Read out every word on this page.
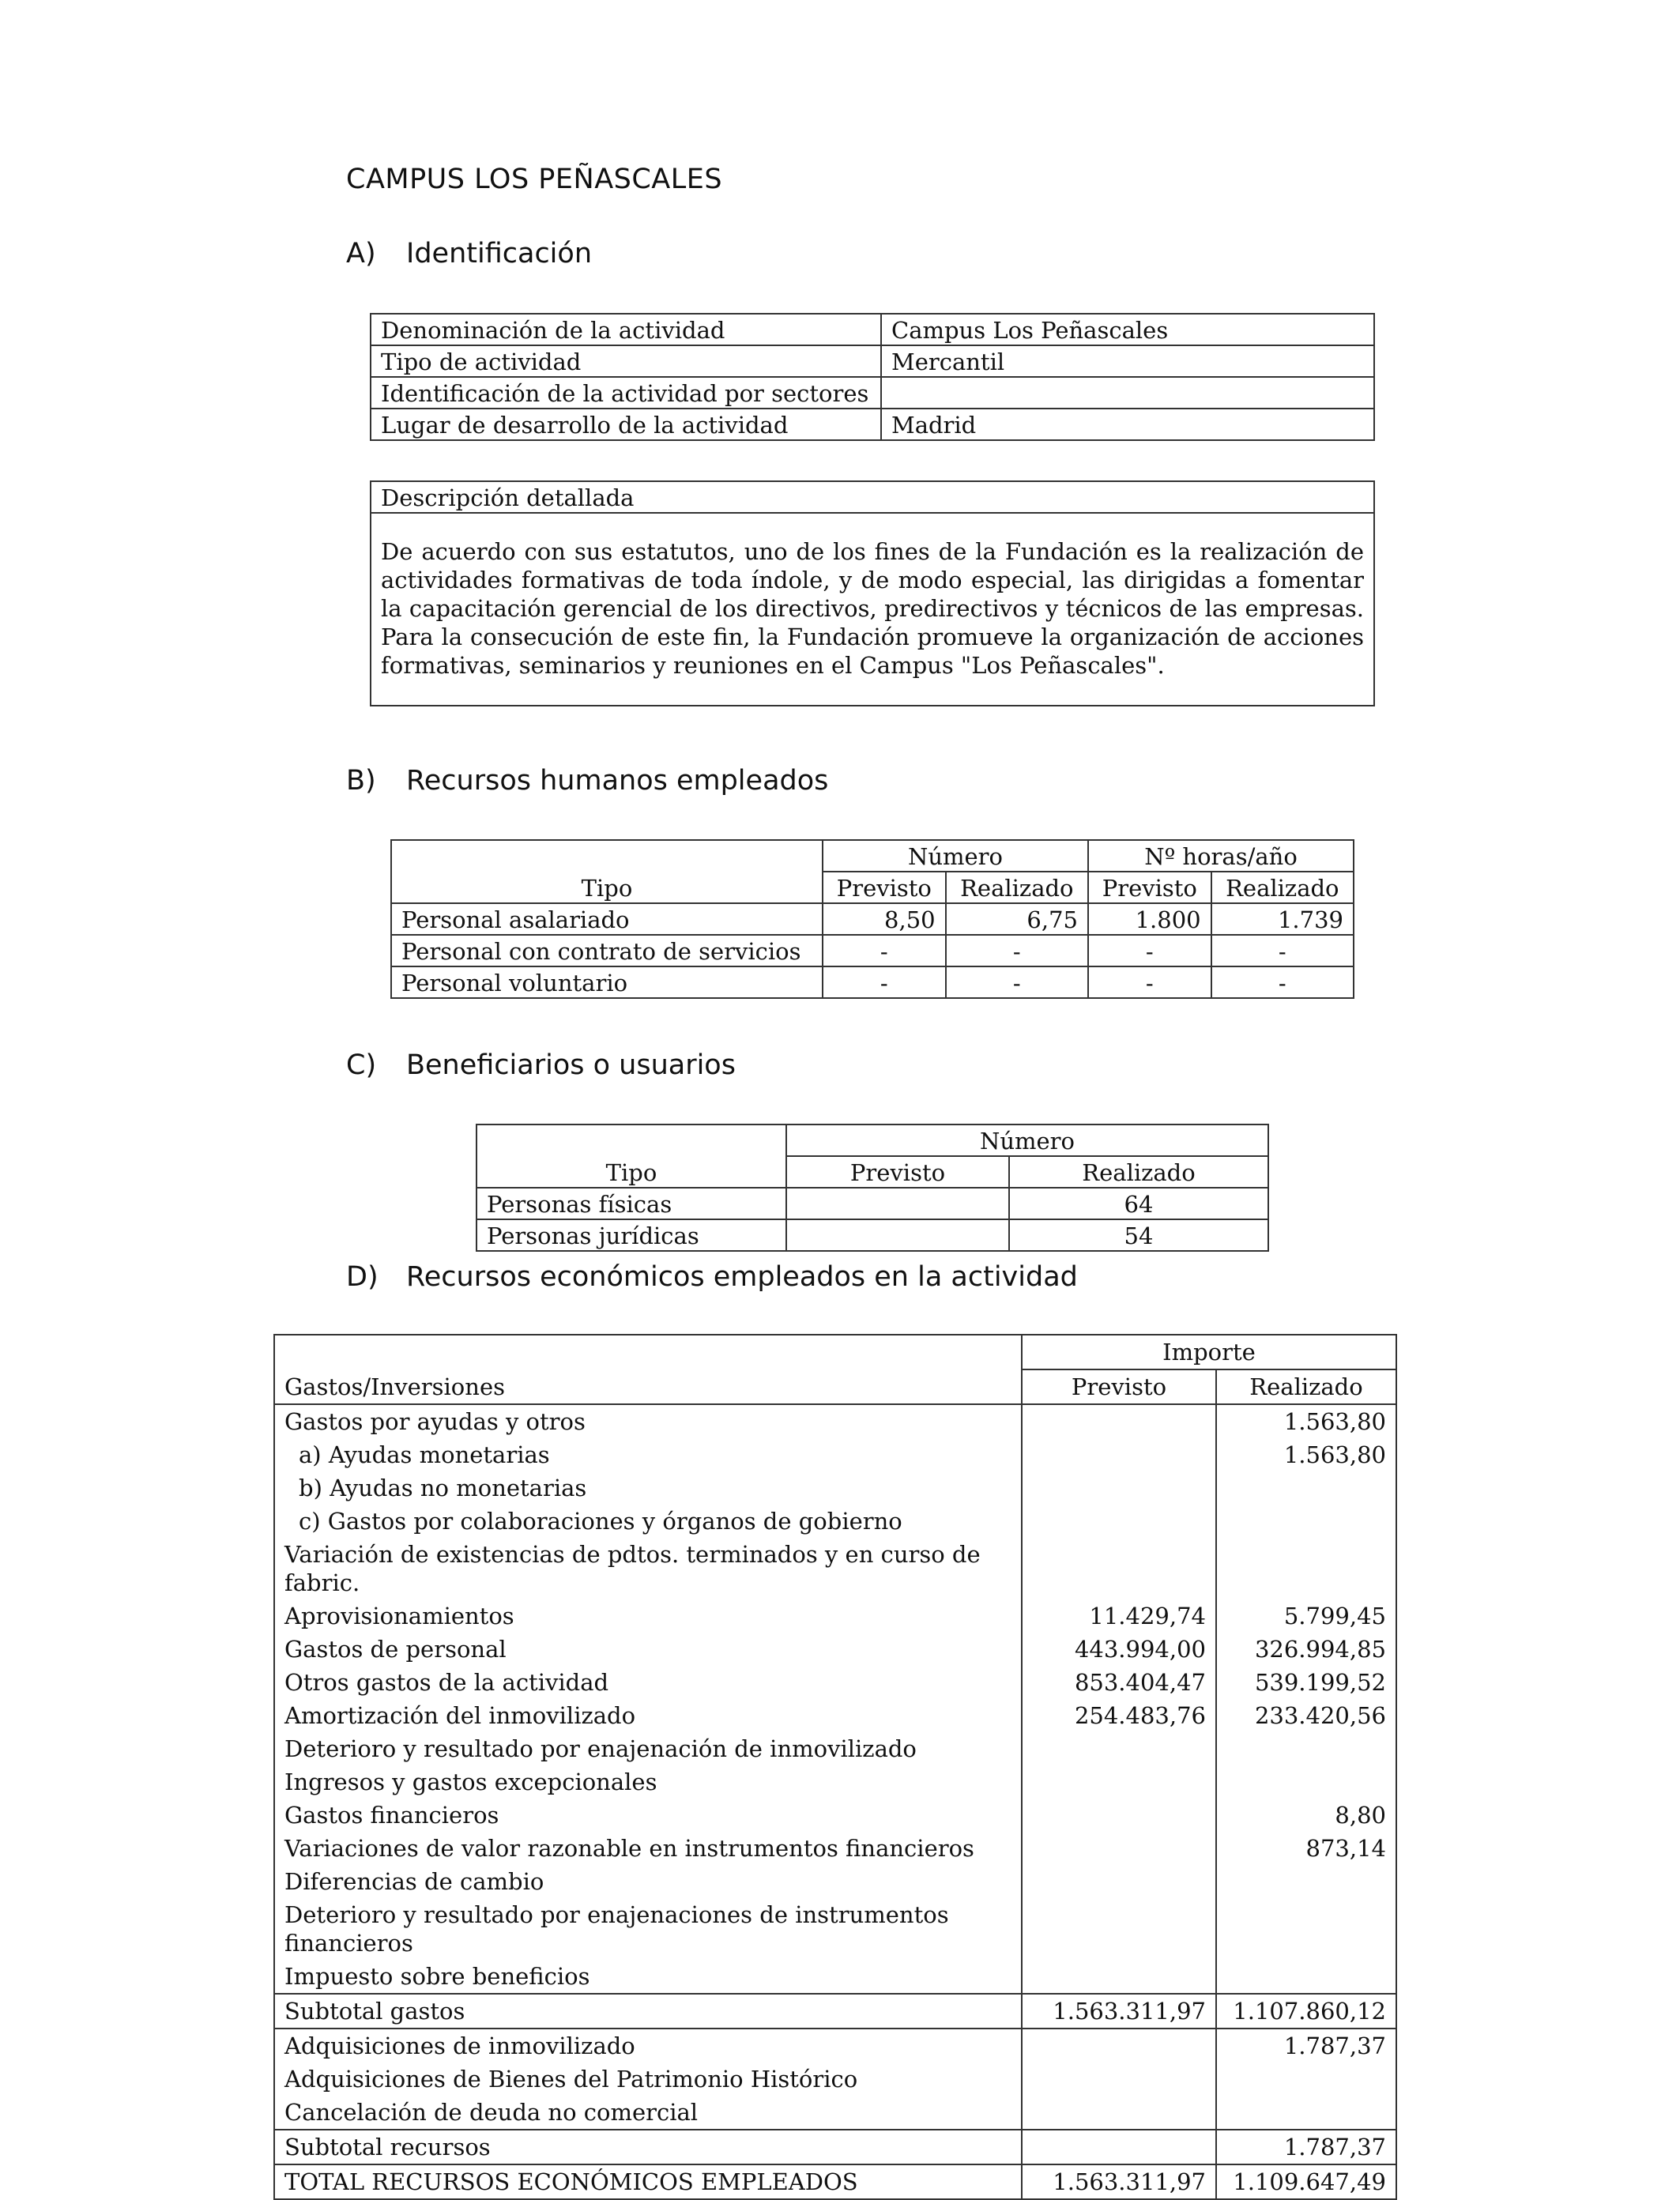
CAMPUS LOS PEÑASCALES
A) Identificación
Denominación de la actividad	Campus Los Peñascales
Tipo de actividad	Mercantil
Identificación de la actividad por sectores	
Lugar de desarrollo de la actividad	Madrid
Descripción detallada
De acuerdo con sus estatutos, uno de los fines de la Fundación es la realización de actividades formativas de toda índole, y de modo especial, las dirigidas a fomentar la capacitación gerencial de los directivos, predirectivos y técnicos de las empresas. Para la consecución de este fin, la Fundación promueve la organización de acciones formativas, seminarios y reuniones en el Campus "Los Peñascales".
B) Recursos humanos empleados
Tipo	Número		Nº horas/año	
	Previsto	Realizado	Previsto	Realizado
Personal asalariado	8,50	6,75	1.800	1.739
Personal con contrato de servicios	-	-	-	-
Personal voluntario	-	-	-	-
C) Beneficiarios o usuarios
Tipo	Número	
	Previsto	Realizado
Personas físicas		64
Personas jurídicas		54
D) Recursos económicos empleados en la actividad
Gastos/Inversiones	Importe	
	Previsto	Realizado
Gastos por ayudas y otros		1.563,80
a) Ayudas monetarias		1.563,80
b) Ayudas no monetarias		
c) Gastos por colaboraciones y órganos de gobierno		
Variación de existencias de pdtos. terminados y en curso de fabric.		
Aprovisionamientos	11.429,74	5.799,45
Gastos de personal	443.994,00	326.994,85
Otros gastos de la actividad	853.404,47	539.199,52
Amortización del inmovilizado	254.483,76	233.420,56
Deterioro y resultado por enajenación de inmovilizado		
Ingresos y gastos excepcionales		
Gastos financieros		8,80
Variaciones de valor razonable en instrumentos financieros		873,14
Diferencias de cambio		
Deterioro y resultado por enajenaciones de instrumentos financieros		
Impuesto sobre beneficios		
Subtotal gastos	1.563.311,97	1.107.860,12
Adquisiciones de inmovilizado		1.787,37
Adquisiciones de Bienes del Patrimonio Histórico		
Cancelación de deuda no comercial		
Subtotal recursos		1.787,37
TOTAL RECURSOS ECONÓMICOS EMPLEADOS	1.563.311,97	1.109.647,49
